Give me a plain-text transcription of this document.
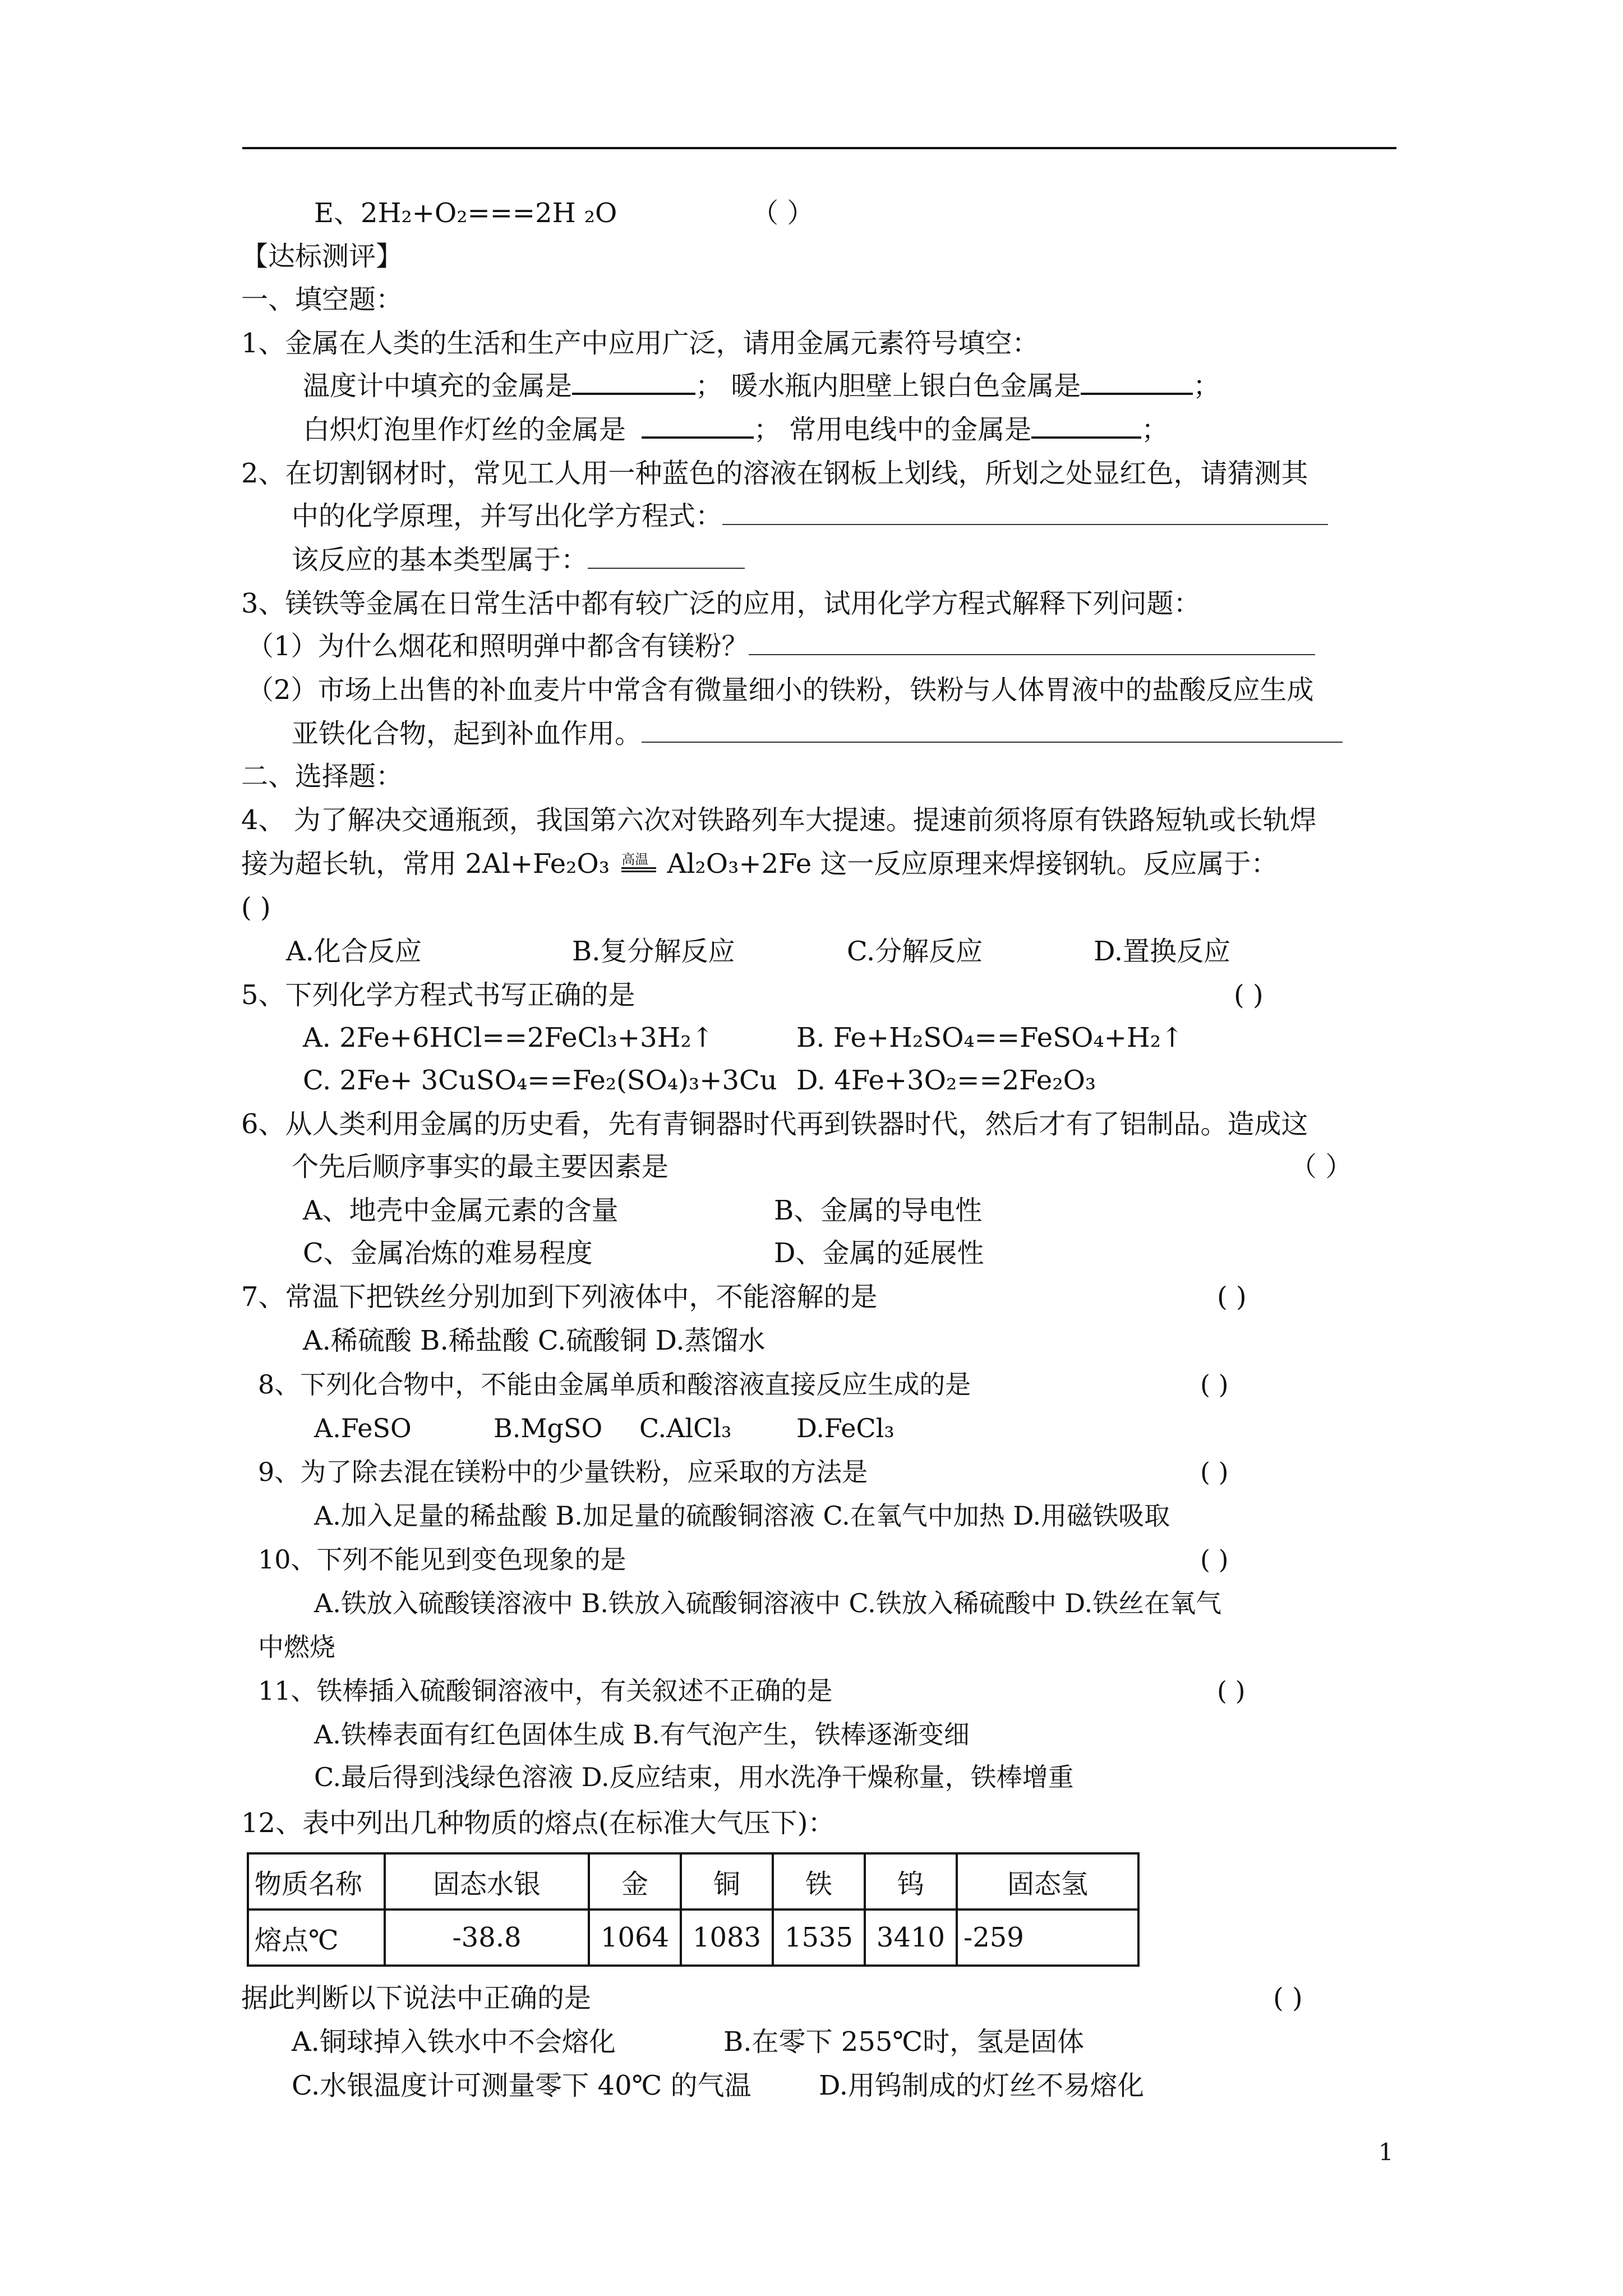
E、2H₂+O₂===2H ₂O	（ ）
【达标测评】
一、填空题：
1、金属在人类的生活和生产中应用广泛，请用金属元素符号填空：
温度计中填充的金属是	； 暖水瓶内胆壁上银白色金属是	；
白炽灯泡里作灯丝的金属是	； 常用电线中的金属是	；
2、在切割钢材时，常见工人用一种蓝色的溶液在钢板上划线，所划之处显红色，请猜测其
中的化学原理，并写出化学方程式：
该反应的基本类型属于：
3、镁铁等金属在日常生活中都有较广泛的应用，试用化学方程式解释下列问题：
（1）为什么烟花和照明弹中都含有镁粉？
（2）市场上出售的补血麦片中常含有微量细小的铁粉，铁粉与人体胃液中的盐酸反应生成
亚铁化合物，起到补血作用。
二、选择题：
4、 为了解决交通瓶颈，我国第六次对铁路列车大提速。提速前须将原有铁路短轨或长轨焊
接为超长轨，常用 2Al+Fe₂O₃ 高温 Al₂O₃+2Fe 这一反应原理来焊接钢轨。反应属于：
( )
A.化合反应	B.复分解反应	C.分解反应	D.置换反应
5、下列化学方程式书写正确的是	( )
A. 2Fe+6HCl==2FeCl₃+3H₂↑	B. Fe+H₂SO₄==FeSO₄+H₂↑
C. 2Fe+ 3CuSO₄==Fe₂(SO₄)₃+3Cu D. 4Fe+3O₂==2Fe₂O₃
6、从人类利用金属的历史看，先有青铜器时代再到铁器时代，然后才有了铝制品。造成这
个先后顺序事实的最主要因素是	（ ）
A、地壳中金属元素的含量	B、金属的导电性
C、金属冶炼的难易程度	D、金属的延展性
7、常温下把铁丝分别加到下列液体中，不能溶解的是	( )
A.稀硫酸 B.稀盐酸 C.硫酸铜 D.蒸馏水
8、下列化合物中，不能由金属单质和酸溶液直接反应生成的是	( )
A.FeSO	B.MgSO C.AlCl₃	D.FeCl₃
9、为了除去混在镁粉中的少量铁粉，应采取的方法是	( )
A.加入足量的稀盐酸 B.加足量的硫酸铜溶液 C.在氧气中加热 D.用磁铁吸取
10、下列不能见到变色现象的是	( )
A.铁放入硫酸镁溶液中 B.铁放入硫酸铜溶液中 C.铁放入稀硫酸中 D.铁丝在氧气
中燃烧
11、铁棒插入硫酸铜溶液中，有关叙述不正确的是	( )
A.铁棒表面有红色固体生成 B.有气泡产生，铁棒逐渐变细
C.最后得到浅绿色溶液 D.反应结束，用水洗净干燥称量，铁棒增重
12、表中列出几种物质的熔点(在标准大气压下)：
物质名称	固态水银	金	铜	铁	钨	固态氢
熔点℃	-38.8	1064	1083	1535	3410	-259
据此判断以下说法中正确的是	( )
A.铜球掉入铁水中不会熔化	B.在零下 255℃时，氢是固体
C.水银温度计可测量零下 40℃ 的气温	D.用钨制成的灯丝不易熔化
1
